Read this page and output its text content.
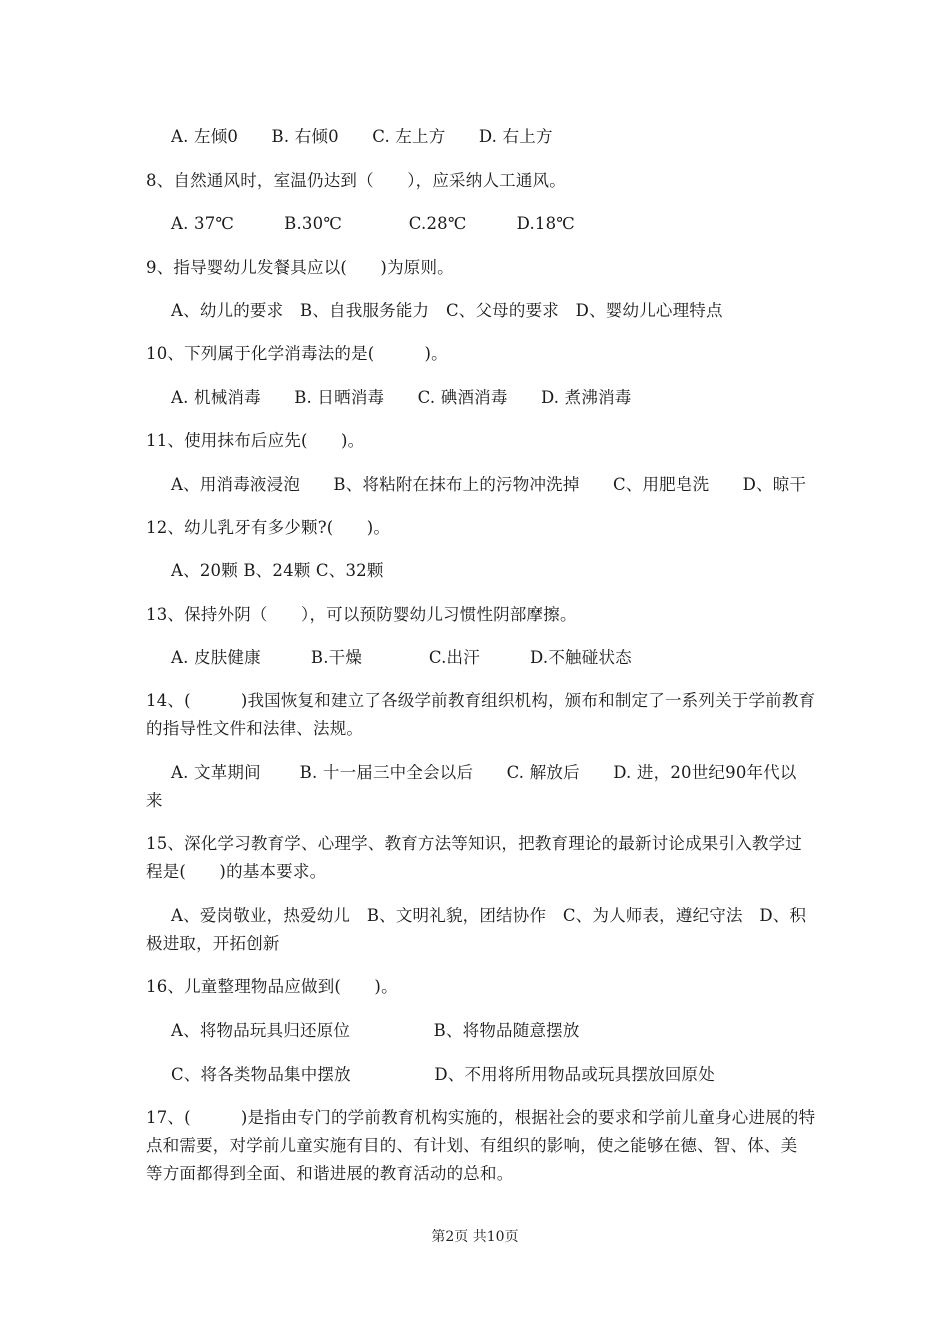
A. 左倾0　　B. 右倾0　　C. 左上方　　D. 右上方
8、自然通风时，室温仍达到（　　），应采纳人工通风。
A. 37℃　　　B.30℃　　　　C.28℃　　　D.18℃
9、指导婴幼儿发餐具应以(　　)为原则。
A、幼儿的要求　B、自我服务能力　C、父母的要求　D、婴幼儿心理特点
10、下列属于化学消毒法的是(　　　)。
A. 机械消毒　　B. 日晒消毒　　C. 碘酒消毒　　D. 煮沸消毒
11、使用抹布后应先(　　)。
A、用消毒液浸泡　　B、将粘附在抹布上的污物冲洗掉　　C、用肥皂洗　　D、晾干
12、幼儿乳牙有多少颗?(　　)。
A、20颗 B、24颗 C、32颗
13、保持外阴（　　），可以预防婴幼儿习惯性阴部摩擦。
A. 皮肤健康　　　B.干燥　　　　C.出汗　　　D.不触碰状态
14、(　　　)我国恢复和建立了各级学前教育组织机构，颁布和制定了一系列关于学前教育
的指导性文件和法律、法规。
A. 文革期间　　 B. 十一届三中全会以后　　C. 解放后　　D. 进，20世纪90年代以
来
15、深化学习教育学、心理学、教育方法等知识，把教育理论的最新讨论成果引入教学过
程是(　　)的基本要求。
A、爱岗敬业，热爱幼儿　B、文明礼貌，团结协作　C、为人师表，遵纪守法　D、积
极进取，开拓创新
16、儿童整理物品应做到(　　)。
A、将物品玩具归还原位　　　　　B、将物品随意摆放
C、将各类物品集中摆放　　　　　D、不用将所用物品或玩具摆放回原处
17、(　　　)是指由专门的学前教育机构实施的，根据社会的要求和学前儿童身心进展的特
点和需要，对学前儿童实施有目的、有计划、有组织的影响，使之能够在德、智、体、美
等方面都得到全面、和谐进展的教育活动的总和。
第2页 共10页
